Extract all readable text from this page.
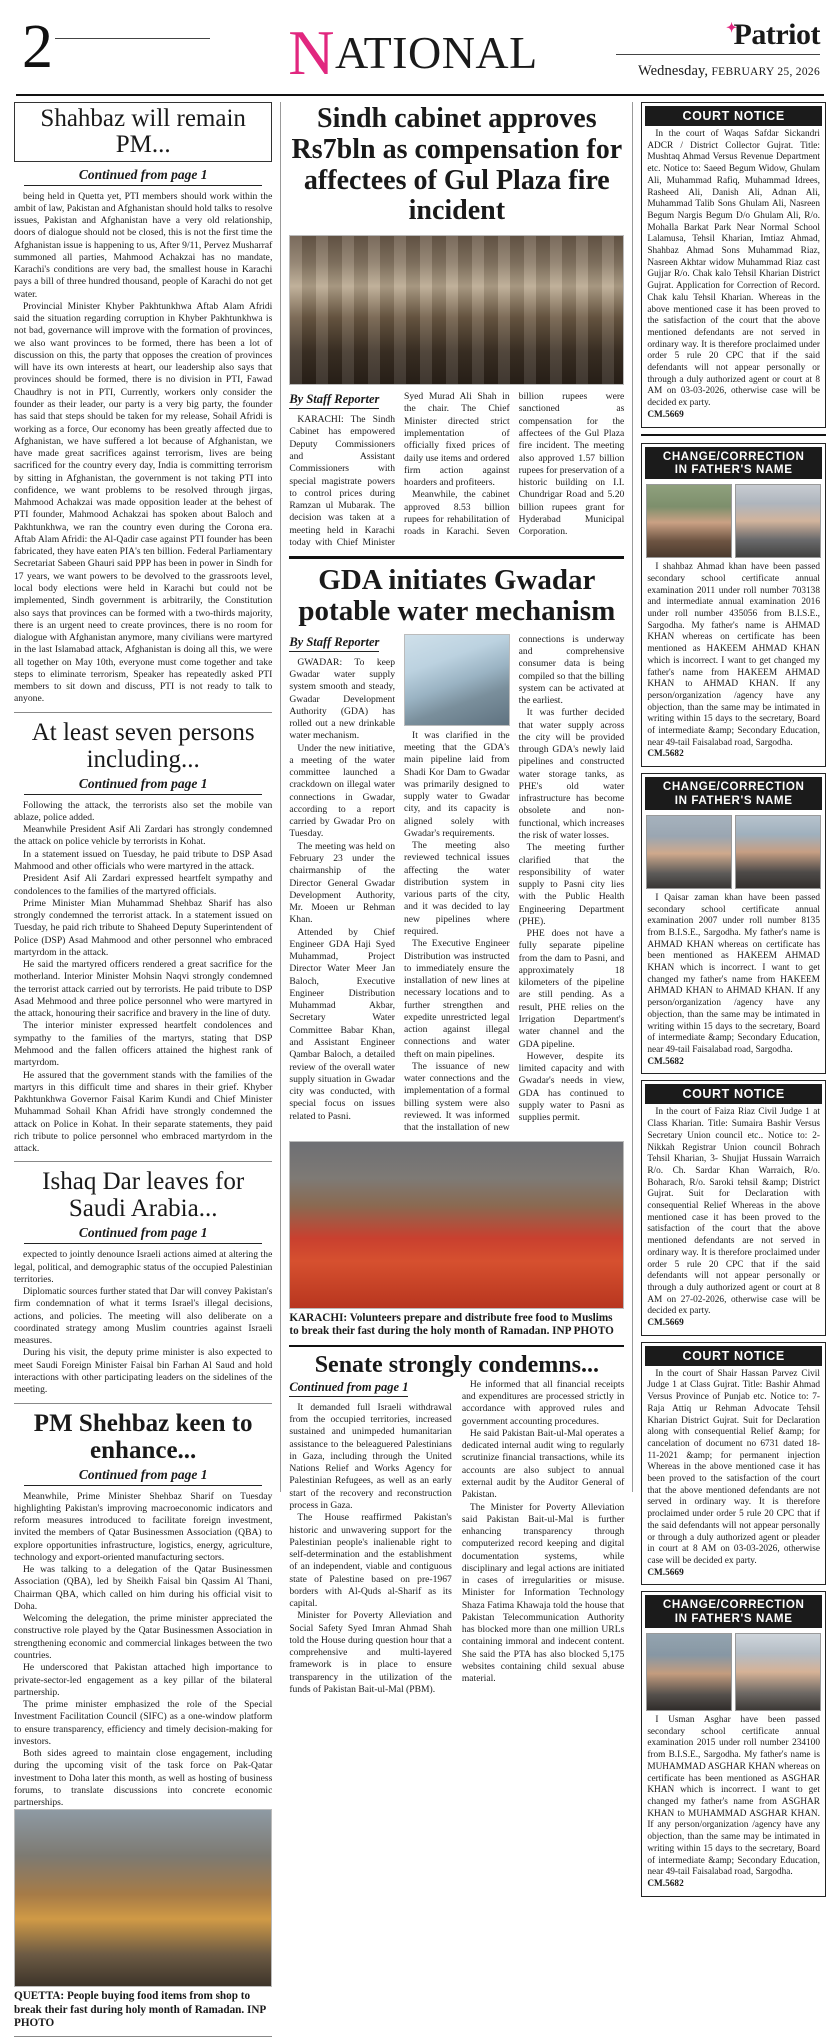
2	NATIONAL	✦Patriot
Wednesday, FEBRUARY 25, 2026
Shahbaz will remain PM...
Continued from page 1

being held in Quetta yet, PTI members should work within the ambit of law, Pakistan and Afghanistan should hold talks to resolve issues, Pakistan and Afghanistan have a very old relationship, doors of dialogue should not be closed, this is not the first time the Afghanistan issue is happening to us, After 9/11, Pervez Musharraf summoned all parties, Mahmood Achakzai has no mandate, Karachi's conditions are very bad, the smallest house in Karachi pays a bill of three hundred thousand, people of Karachi do not get water.

Provincial Minister Khyber Pakhtunkhwa Aftab Alam Afridi said the situation regarding corruption in Khyber Pakhtunkhwa is not bad, governance will improve with the formation of provinces, we also want provinces to be formed, there has been a lot of discussion on this, the party that opposes the creation of provinces will have its own interests at heart, our leadership also says that provinces should be formed, there is no division in PTI, Fawad Chaudhry is not in PTI, Currently, workers only consider the founder as their leader, our party is a very big party, the founder has said that steps should be taken for my release, Sohail Afridi is working as a force, Our economy has been greatly affected due to Afghanistan, we have suffered a lot because of Afghanistan, we have made great sacrifices against terrorism, lives are being sacrificed for the country every day, India is committing terrorism by sitting in Afghanistan, the government is not taking PTI into confidence, we want problems to be resolved through jirgas, Mahmood Achakzai was made opposition leader at the behest of PTI founder, Mahmood Achakzai has spoken about Baloch and Pakhtunkhwa, we ran the country even during the Corona era. Aftab Alam Afridi: the Al-Qadir case against PTI founder has been fabricated, they have eaten PIA's ten billion. Federal Parliamentary Secretariat Sabeen Ghauri said PPP has been in power in Sindh for 17 years, we want powers to be devolved to the grassroots level, local body elections were held in Karachi but could not be implemented, Sindh government is arbitrarily, the Constitution also says that provinces can be formed with a two-thirds majority, there is an urgent need to create provinces, there is no room for dialogue with Afghanistan anymore, many civilians were martyred in the last Islamabad attack, Afghanistan is doing all this, we were all together on May 10th, everyone must come together and take steps to eliminate terrorism, Speaker has repeatedly asked PTI members to sit down and discuss, PTI is not ready to talk to anyone.

At least seven persons including...
Continued from page 1

Following the attack, the terrorists also set the mobile van ablaze, police added.

Meanwhile President Asif Ali Zardari has strongly condemned the attack on police vehicle by terrorists in Kohat.

In a statement issued on Tuesday, he paid tribute to DSP Asad Mahmood and other officials who were martyred in the attack.

President Asif Ali Zardari expressed heartfelt sympathy and condolences to the families of the martyred officials.

Prime Minister Mian Muhammad Shehbaz Sharif has also strongly condemned the terrorist attack. In a statement issued on Tuesday, he paid rich tribute to Shaheed Deputy Superintendent of Police (DSP) Asad Mahmood and other personnel who embraced martyrdom in the attack.

He said the martyred officers rendered a great sacrifice for the motherland. Interior Minister Mohsin Naqvi strongly condemned the terrorist attack carried out by terrorists. He paid tribute to DSP Asad Mehmood and three police personnel who were martyred in the attack, honouring their sacrifice and bravery in the line of duty.

The interior minister expressed heartfelt condolences and sympathy to the families of the martyrs, stating that DSP Mehmood and the fallen officers attained the highest rank of martyrdom.

He assured that the government stands with the families of the martyrs in this difficult time and shares in their grief. Khyber Pakhtunkhwa Governor Faisal Karim Kundi and Chief Minister Muhammad Sohail Khan Afridi have strongly condemned the attack on Police in Kohat. In their separate statements, they paid rich tribute to police personnel who embraced martyrdom in the attack.

Ishaq Dar leaves for Saudi Arabia...
Continued from page 1

expected to jointly denounce Israeli actions aimed at altering the legal, political, and demographic status of the occupied Palestinian territories.

Diplomatic sources further stated that Dar will convey Pakistan's firm condemnation of what it terms Israel's illegal decisions, actions, and policies. The meeting will also deliberate on a coordinated strategy among Muslim countries against Israeli measures.

During his visit, the deputy prime minister is also expected to meet Saudi Foreign Minister Faisal bin Farhan Al Saud and hold interactions with other participating leaders on the sidelines of the meeting.

PM Shehbaz keen to enhance...
Continued from page 1

Meanwhile, Prime Minister Shehbaz Sharif on Tuesday highlighting Pakistan's improving macroeconomic indicators and reform measures introduced to facilitate foreign investment, invited the members of Qatar Businessmen Association (QBA) to explore opportunities infrastructure, logistics, energy, agriculture, technology and export-oriented manufacturing sectors.

He was talking to a delegation of the Qatar Businessmen Association (QBA), led by Sheikh Faisal bin Qassim Al Thani, Chairman QBA, which called on him during his official visit to Doha.

Welcoming the delegation, the prime minister appreciated the constructive role played by the Qatar Businessmen Association in strengthening economic and commercial linkages between the two countries.

He underscored that Pakistan attached high importance to private-sector-led engagement as a key pillar of the bilateral partnership.

The prime minister emphasized the role of the Special Investment Facilitation Council (SIFC) as a one-window platform to ensure transparency, efficiency and timely decision-making for investors.

Both sides agreed to maintain close engagement, including during the upcoming visit of the task force on Pak-Qatar investment to Doha later this month, as well as hosting of business forums, to translate discussions into concrete economic partnerships.

QUETTA: People buying food items from shop to break their fast during holy month of Ramadan. INP PHOTO
Sindh cabinet approves Rs7bln as compensation for affectees of Gul Plaza fire incident
By Staff Reporter

KARACHI: The Sindh Cabinet has empowered Deputy Commissioners and Assistant Commissioners with special magistrate powers to control prices during Ramzan ul Mubarak. The decision was taken at a meeting held in Karachi today with Chief Minister Syed Murad Ali Shah in the chair. The Chief Minister directed strict implementation of officially fixed prices of daily use items and ordered firm action against hoarders and profiteers.

Meanwhile, the cabinet approved 8.53 billion rupees for rehabilitation of roads in Karachi. Seven billion rupees were sanctioned as compensation for the affectees of the Gul Plaza fire incident. The meeting also approved 1.57 billion rupees for preservation of a historic building on I.I. Chundrigar Road and 5.20 billion rupees grant for Hyderabad Municipal Corporation.

GDA initiates Gwadar potable water mechanism
By Staff Reporter

GWADAR: To keep Gwadar water supply system smooth and steady, Gwadar Development Authority (GDA) has rolled out a new drinkable water mechanism.

Under the new initiative, a meeting of the water committee launched a crackdown on illegal water connections in Gwadar, according to a report carried by Gwadar Pro on Tuesday.

The meeting was held on February 23 under the chairmanship of the Director General Gwadar Development Authority, Mr. Moeen ur Rehman Khan.

Attended by Chief Engineer GDA Haji Syed Muhammad, Project Director Water Meer Jan Baloch, Executive Engineer Distribution Muhammad Akbar, Secretary Water Committee Babar Khan, and Assistant Engineer Qambar Baloch, a detailed review of the overall water supply situation in Gwadar city was conducted, with special focus on issues related to Pasni.

It was clarified in the meeting that the GDA's main pipeline laid from Shadi Kor Dam to Gwadar was primarily designed to supply water to Gwadar city, and its capacity is aligned solely with Gwadar's requirements.

The meeting also reviewed technical issues affecting the water distribution system in various parts of the city, and it was decided to lay new pipelines where required.

The Executive Engineer Distribution was instructed to immediately ensure the installation of new lines at necessary locations and to further strengthen and expedite unrestricted legal action against illegal connections and water theft on main pipelines.

The issuance of new water connections and the implementation of a formal billing system were also reviewed. It was informed that the installation of new connections is underway and comprehensive consumer data is being compiled so that the billing system can be activated at the earliest.

It was further decided that water supply across the city will be provided through GDA's newly laid pipelines and constructed water storage tanks, as PHE's old water infrastructure has become obsolete and non-functional, which increases the risk of water losses.

The meeting further clarified that the responsibility of water supply to Pasni city lies with the Public Health Engineering Department (PHE).

PHE does not have a fully separate pipeline from the dam to Pasni, and approximately 18 kilometers of the pipeline are still pending. As a result, PHE relies on the Irrigation Department's water channel and the GDA pipeline.

However, despite its limited capacity and with Gwadar's needs in view, GDA has continued to supply water to Pasni as supplies permit.

KARACHI: Volunteers prepare and distribute free food to Muslims to break their fast during the holy month of Ramadan. INP PHOTO
Senate strongly condemns...
Continued from page 1

It demanded full Israeli withdrawal from the occupied territories, increased sustained and unimpeded humanitarian assistance to the beleaguered Palestinians in Gaza, including through the United Nations Relief and Works Agency for Palestinian Refugees, as well as an early start of the recovery and reconstruction process in Gaza.

The House reaffirmed Pakistan's historic and unwavering support for the Palestinian people's inalienable right to self-determination and the establishment of an independent, viable and contiguous state of Palestine based on pre-1967 borders with Al-Quds al-Sharif as its capital.

Minister for Poverty Alleviation and Social Safety Syed Imran Ahmad Shah told the House during question hour that a comprehensive and multi-layered framework is in place to ensure transparency in the utilization of the funds of Pakistan Bait-ul-Mal (PBM).

He informed that all financial receipts and expenditures are processed strictly in accordance with approved rules and government accounting procedures.

He said Pakistan Bait-ul-Mal operates a dedicated internal audit wing to regularly scrutinize financial transactions, while its accounts are also subject to annual external audit by the Auditor General of Pakistan.

The Minister for Poverty Alleviation said Pakistan Bait-ul-Mal is further enhancing transparency through computerized record keeping and digital documentation systems, while disciplinary and legal actions are initiated in cases of irregularities or misuse. Minister for Information Technology Shaza Fatima Khawaja told the house that Pakistan Telecommunication Authority has blocked more than one million URLs containing immoral and indecent content. She said the PTA has also blocked 5,175 websites containing child sexual abuse material.

COURT NOTICE

In the court of Waqas Safdar Sickandri ADCR / District Collector Gujrat. Title: Mushtaq Ahmad Versus Revenue Department etc. Notice to: Saeed Begum Widow, Ghulam Ali, Muhammad Rafiq, Muhammad Idrees, Rasheed Ali, Danish Ali, Adnan Ali, Muhammad Talib Sons Ghulam Ali, Nasreen Begum Nargis Begum D/o Ghulam Ali, R/o. Mohalla Barkat Park Near Normal School Lalamusa, Tehsil Kharian, Imtiaz Ahmad, Shahbaz Ahmad Sons Muhammad Riaz, Nasreen Akhtar widow Muhammad Riaz cast Gujjar R/o. Chak kalo Tehsil Kharian District Gujrat. Application for Correction of Record. Chak kalu Tehsil Kharian. Whereas in the above mentioned case it has been proved to the satisfaction of the court that the above mentioned defendants are not served in ordinary way. It is therefore proclaimed under order 5 rule 20 CPC that if the said defendants will not appear personally or through a duly authorized agent or court at 8 AM on 03-03-2026, otherwise case will be decided ex party.

CM.5669
CHANGE/CORRECTION
IN FATHER'S NAME

I shahbaz Ahmad khan have been passed secondary school certificate annual examination 2011 under roll number 703138 and intermediate annual examination 2016 under roll number 435056 from B.I.S.E., Sargodha. My father's name is AHMAD KHAN whereas on certificate has been mentioned as HAKEEM AHMAD KHAN which is incorrect. I want to get changed my father's name from HAKEEM AHMAD KHAN to AHMAD KHAN. If any person/organization /agency have any objection, than the same may be intimated in writing within 15 days to the secretary, Board of intermediate &amp; Secondary Education, near 49-tail Faisalabad road, Sargodha.

CM.5682
CHANGE/CORRECTION
IN FATHER'S NAME

I Qaisar zaman khan have been passed secondary school certificate annual examination 2007 under roll number 8135 from B.I.S.E., Sargodha. My father's name is AHMAD KHAN whereas on certificate has been mentioned as HAKEEM AHMAD KHAN which is incorrect. I want to get changed my father's name from HAKEEM AHMAD KHAN to AHMAD KHAN. If any person/organization /agency have any objection, than the same may be intimated in writing within 15 days to the secretary, Board of intermediate &amp; Secondary Education, near 49-tail Faisalabad road, Sargodha.

CM.5682
COURT NOTICE

In the court of Faiza Riaz Civil Judge 1 at Class Kharian. Title: Sumaira Bashir Versus Secretary Union council etc.. Notice to: 2- Nikkah Registrar Union council Bohrach Tehsil Kharian, 3- Shujjat Hussain Warraich R/o. Ch. Sardar Khan Warraich, R/o. Boharach, R/o. Saroki tehsil &amp; District Gujrat. Suit for Declaration with consequential Relief Whereas in the above mentioned case it has been proved to the satisfaction of the court that the above mentioned defendants are not served in ordinary way. It is therefore proclaimed under order 5 rule 20 CPC that if the said defendants will not appear personally or through a duly authorized agent or court at 8 AM on 27-02-2026, otherwise case will be decided ex party.

CM.5669
COURT NOTICE

In the court of Shair Hassan Parvez Civil Judge 1 at Class Gujrat. Title: Bashir Ahmad Versus Province of Punjab etc. Notice to: 7-Raja Attiq ur Rehman Advocate Tehsil Kharian District Gujrat. Suit for Declaration along with consequential Relief &amp; for cancelation of document no 6731 dated 18-11-2021 &amp; for permanent injection Whereas in the above mentioned case it has been proved to the satisfaction of the court that the above mentioned defendants are not served in ordinary way. It is therefore proclaimed under order 5 rule 20 CPC that if the said defendants will not appear personally or through a duly authorized agent or pleader in court at 8 AM on 03-03-2026, otherwise case will be decided ex party.

CM.5669
CHANGE/CORRECTION
IN FATHER'S NAME

I Usman Asghar have been passed secondary school certificate annual examination 2015 under roll number 234100 from B.I.S.E., Sargodha. My father's name is MUHAMMAD ASGHAR KHAN whereas on certificate has been mentioned as ASGHAR KHAN which is incorrect. I want to get changed my father's name from ASGHAR KHAN to MUHAMMAD ASGHAR KHAN. If any person/organization /agency have any objection, than the same may be intimated in writing within 15 days to the secretary, Board of intermediate &amp; Secondary Education, near 49-tail Faisalabad road, Sargodha.

CM.5682
